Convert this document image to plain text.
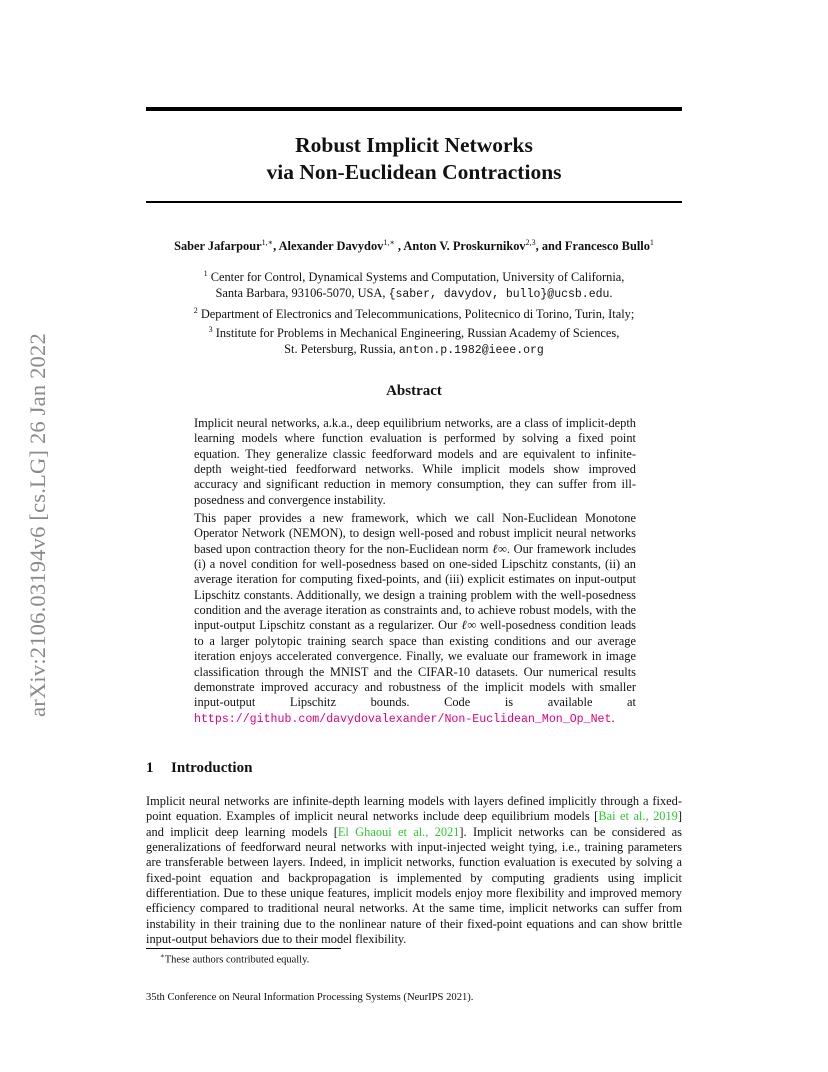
arXiv:2106.03194v6 [cs.LG] 26 Jan 2022
Robust Implicit Networks
via Non-Euclidean Contractions
Saber Jafarpour$^{1,∗}$, Alexander Davydov$^{1,∗}$ , Anton V. Proskurnikov$^{2,3}$, and Francesco Bullo$^1$
$^1$ Center for Control, Dynamical Systems and Computation, University of California,
Santa Barbara, 93106-5070, USA, {saber, davydov, bullo}@ucsb.edu.
$^2$ Department of Electronics and Telecommunications, Politecnico di Torino, Turin, Italy;
$^3$ Institute for Problems in Mechanical Engineering, Russian Academy of Sciences,
St. Petersburg, Russia, anton.p.1982@ieee.org
Abstract

Implicit neural networks, a.k.a., deep equilibrium networks, are a class of implicit-depth learning models where function evaluation is performed by solving a fixed point equation. They generalize classic feedforward models and are equivalent to infinite-depth weight-tied feedforward networks. While implicit models show improved accuracy and significant reduction in memory consumption, they can suffer from ill-posedness and convergence instability.

This paper provides a new framework, which we call Non-Euclidean Monotone Operator Network (NEMON), to design well-posed and robust implicit neural networks based upon contraction theory for the non-Euclidean norm ℓ∞. Our framework includes (i) a novel condition for well-posedness based on one-sided Lipschitz constants, (ii) an average iteration for computing fixed-points, and (iii) explicit estimates on input-output Lipschitz constants. Additionally, we design a training problem with the well-posedness condition and the average iteration as constraints and, to achieve robust models, with the input-output Lipschitz constant as a regularizer. Our ℓ∞ well-posedness condition leads to a larger polytopic training search space than existing conditions and our average iteration enjoys accelerated convergence. Finally, we evaluate our framework in image classification through the MNIST and the CIFAR-10 datasets. Our numerical results demonstrate improved accuracy and robustness of the implicit models with smaller input-output Lipschitz bounds. Code is available at https://github.com/davydovalexander/Non-Euclidean_Mon_Op_Net.

1 Introduction

Implicit neural networks are infinite-depth learning models with layers defined implicitly through a fixed-point equation. Examples of implicit neural networks include deep equilibrium models [Bai et al., 2019] and implicit deep learning models [El Ghaoui et al., 2021]. Implicit networks can be considered as generalizations of feedforward neural networks with input-injected weight tying, i.e., training parameters are transferable between layers. Indeed, in implicit networks, function evaluation is executed by solving a fixed-point equation and backpropagation is implemented by computing gradients using implicit differentiation. Due to these unique features, implicit models enjoy more flexibility and improved memory efficiency compared to traditional neural networks. At the same time, implicit networks can suffer from instability in their training due to the nonlinear nature of their fixed-point equations and can show brittle input-output behaviors due to their model flexibility.

∗These authors contributed equally.
35th Conference on Neural Information Processing Systems (NeurIPS 2021).
